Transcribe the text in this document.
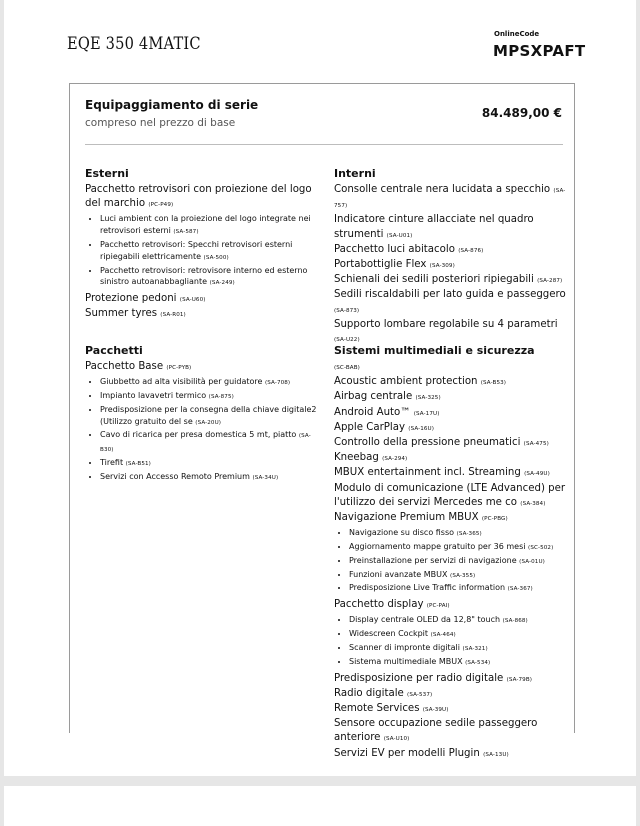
EQE 350 4MATIC	OnlineCode
MPSXPAFT
Equipaggiamento di serie
compreso nel prezzo di base
84.489,00 €
Esterni
Pacchetto retrovisori con proiezione del logo del marchio (PC-P49)
• Luci ambient con la proiezione del logo integrate nei retrovisori esterni (SA-587)
• Pacchetto retrovisori: Specchi retrovisori esterni ripiegabili elettricamente (SA-500)
• Pacchetto retrovisori: retrovisore interno ed esterno sinistro autoanabbagliante (SA-249)
Protezione pedoni (SA-U60)
Summer tyres (SA-R01)
Interni
Consolle centrale nera lucidata a specchio (SA-757)
Indicatore cinture allacciate nel quadro strumenti (SA-U01)
Pacchetto luci abitacolo (SA-876)
Portabottiglie Flex (SA-309)
Schienali dei sedili posteriori ripiegabili (SA-287)
Sedili riscaldabili per lato guida e passeggero (SA-873)
Supporto lombare regolabile su 4 parametri (SA-U22)
Pacchetti
Pacchetto Base (PC-PYB)
• Giubbetto ad alta visibilità per guidatore (SA-708)
• Impianto lavavetri termico (SA-875)
• Predisposizione per la consegna della chiave digitale2 (Utilizzo gratuito del se (SA-20U)
• Cavo di ricarica per presa domestica 5 mt, piatto (SA-B30)
• Tirefit (SA-B51)
• Servizi con Accesso Remoto Premium (SA-34U)
Sistemi multimediali e sicurezza
(SC-BAB)
Acoustic ambient protection (SA-B53)
Airbag centrale (SA-325)
Android Auto™ (SA-17U)
Apple CarPlay (SA-16U)
Controllo della pressione pneumatici (SA-475)
Kneebag (SA-294)
MBUX entertainment incl. Streaming (SA-49U)
Modulo di comunicazione (LTE Advanced) per l'utilizzo dei servizi Mercedes me co (SA-384)
Navigazione Premium MBUX (PC-PBG)
• Navigazione su disco fisso (SA-365)
• Aggiornamento mappe gratuito per 36 mesi (SC-502)
• Preinstallazione per servizi di navigazione (SA-01U)
• Funzioni avanzate MBUX (SA-355)
• Predisposizione Live Traffic information (SA-367)
Pacchetto display (PC-PAI)
• Display centrale OLED da 12,8" touch (SA-868)
• Widescreen Cockpit (SA-464)
• Scanner di impronte digitali (SA-321)
• Sistema multimediale MBUX (SA-534)
Predisposizione per radio digitale (SA-79B)
Radio digitale (SA-537)
Remote Services (SA-39U)
Sensore occupazione sedile passeggero anteriore (SA-U10)
Servizi EV per modelli Plugin (SA-13U)
